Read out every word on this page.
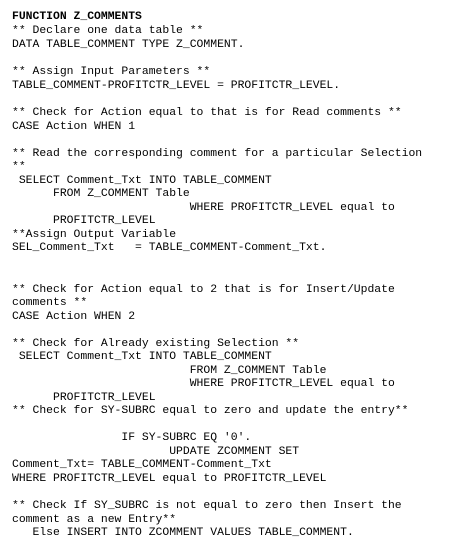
FUNCTION Z_COMMENTS
** Declare one data table **
DATA TABLE_COMMENT TYPE Z_COMMENT.
** Assign Input Parameters **
TABLE_COMMENT-PROFITCTR_LEVEL = PROFITCTR_LEVEL.
** Check for Action equal to that is for Read comments **
CASE Action WHEN 1
** Read the corresponding comment for a particular Selection
**
SELECT Comment_Txt INTO TABLE_COMMENT
FROM Z_COMMENT Table
WHERE PROFITCTR_LEVEL equal to
PROFITCTR_LEVEL
**Assign Output Variable
SEL_Comment_Txt   = TABLE_COMMENT-Comment_Txt.
** Check for Action equal to 2 that is for Insert/Update
comments **
CASE Action WHEN 2
** Check for Already existing Selection **
SELECT Comment_Txt INTO TABLE_COMMENT
FROM Z_COMMENT Table
WHERE PROFITCTR_LEVEL equal to
PROFITCTR_LEVEL
** Check for SY-SUBRC equal to zero and update the entry**
IF SY-SUBRC EQ '0'.
UPDATE ZCOMMENT SET
Comment_Txt= TABLE_COMMENT-Comment_Txt
WHERE PROFITCTR_LEVEL equal to PROFITCTR_LEVEL
** Check If SY_SUBRC is not equal to zero then Insert the
comment as a new Entry**
Else INSERT INTO ZCOMMENT VALUES TABLE_COMMENT.
